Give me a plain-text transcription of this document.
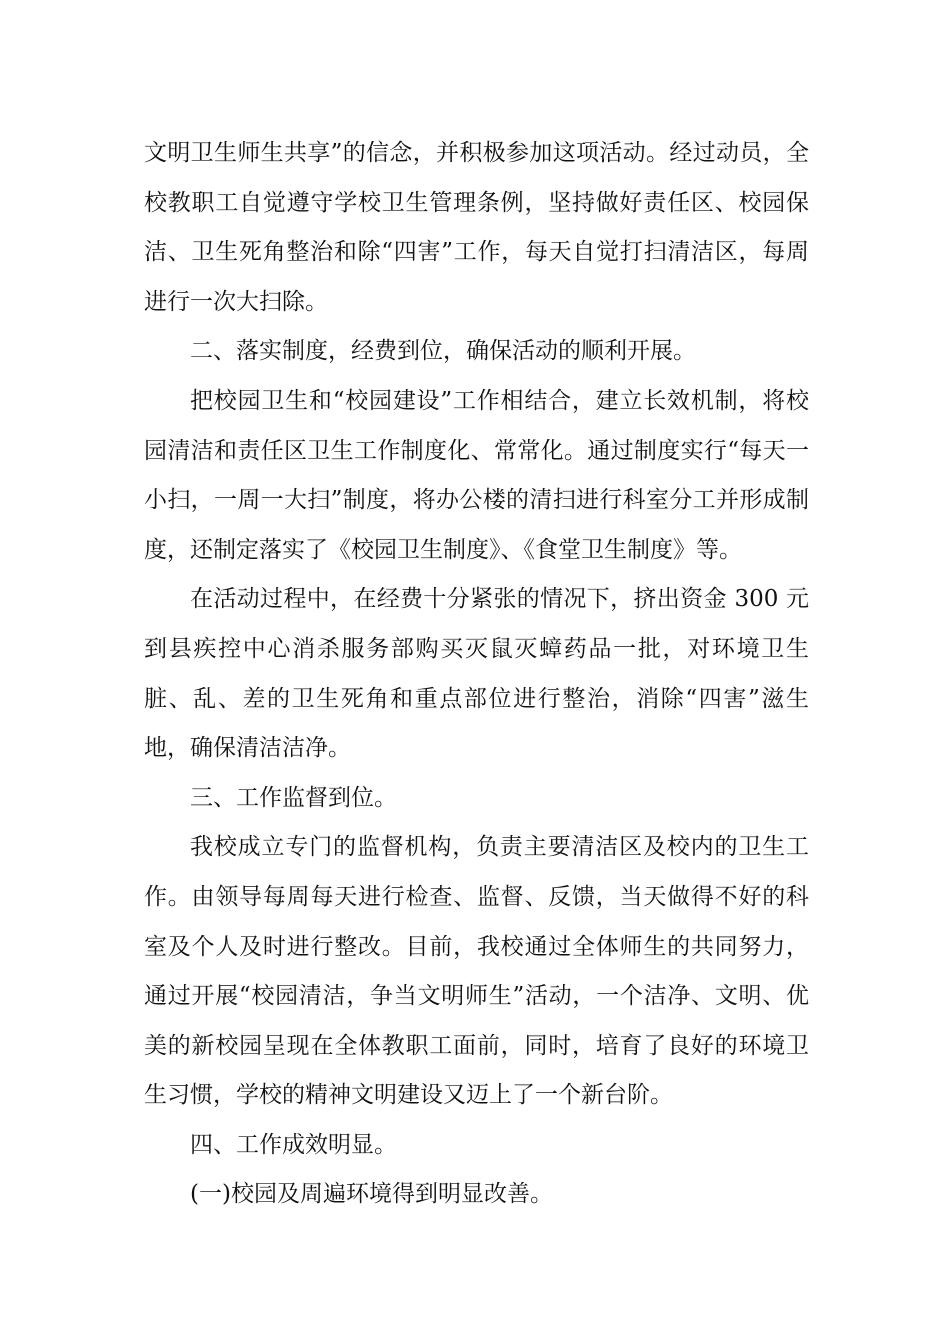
文明卫生师生共享”的信念，并积极参加这项活动。经过动员，全校教职工自觉遵守学校卫生管理条例，坚持做好责任区、校园保洁、卫生死角整治和除“四害”工作，每天自觉打扫清洁区，每周进行一次大扫除。

二、落实制度，经费到位，确保活动的顺利开展。

把校园卫生和“校园建设”工作相结合，建立长效机制，将校园清洁和责任区卫生工作制度化、常常化。通过制度实行“每天一小扫，一周一大扫”制度，将办公楼的清扫进行科室分工并形成制度，还制定落实了《校园卫生制度》、《食堂卫生制度》等。

在活动过程中，在经费十分紧张的情况下，挤出资金 300 元到县疾控中心消杀服务部购买灭鼠灭蟑药品一批，对环境卫生脏、乱、差的卫生死角和重点部位进行整治，消除“四害”滋生地，确保清洁洁净。

三、工作监督到位。

我校成立专门的监督机构，负责主要清洁区及校内的卫生工作。由领导每周每天进行检查、监督、反馈，当天做得不好的科室及个人及时进行整改。目前，我校通过全体师生的共同努力，通过开展“校园清洁，争当文明师生”活动，一个洁净、文明、优美的新校园呈现在全体教职工面前，同时，培育了良好的环境卫生习惯，学校的精神文明建设又迈上了一个新台阶。

四、工作成效明显。

(一)校园及周遍环境得到明显改善。
